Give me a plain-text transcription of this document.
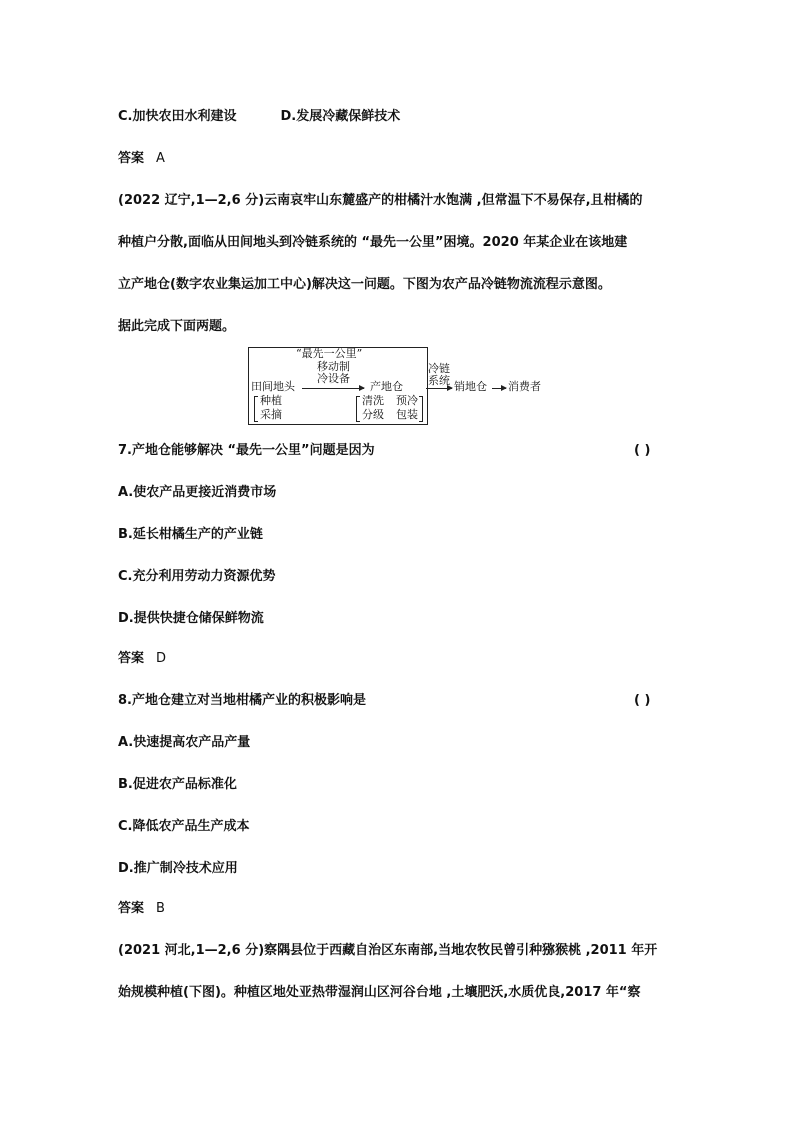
C.加快农田水利建设	D.发展冷藏保鲜技术
答案 A
(2022 辽宁,1—2,6 分)云南哀牢山东麓盛产的柑橘汁水饱满 ,但常温下不易保存,且柑橘的
种植户分散,面临从田间地头到冷链系统的 “最先一公里”困境。2020 年某企业在该地建
立产地仓(数字农业集运加工中心)解决这一问题。下图为农产品冷链物流流程示意图。
据此完成下面两题。
“最先一公里”
移动制
冷设备
田间地头	产地仓
种植
采摘
清洗
分级
预冷
包装
冷链
系统 销地仓 消费者
7.产地仓能够解决 “最先一公里”问题是因为	( )
A.使农产品更接近消费市场
B.延长柑橘生产的产业链
C.充分利用劳动力资源优势
D.提供快捷仓储保鲜物流
答案 D
8.产地仓建立对当地柑橘产业的积极影响是	( )
A.快速提高农产品产量
B.促进农产品标准化
C.降低农产品生产成本
D.推广制冷技术应用
答案 B
(2021 河北,1—2,6 分)察隅县位于西藏自治区东南部,当地农牧民曾引种猕猴桃 ,2011 年开
始规模种植(下图)。种植区地处亚热带湿润山区河谷台地 ,土壤肥沃,水质优良,2017 年“察
